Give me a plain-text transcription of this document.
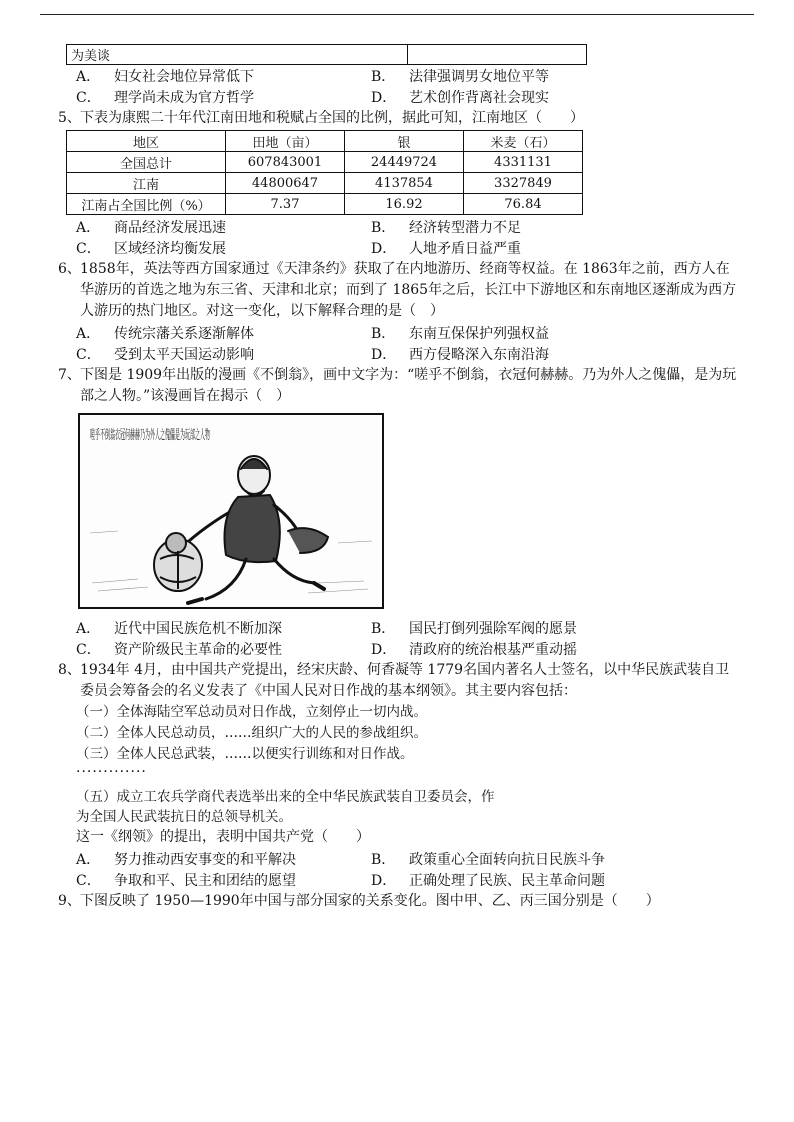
为美谈	
A． 妇女社会地位异常低下	B． 法律强调男女地位平等
C． 理学尚未成为官方哲学	D． 艺术创作背离社会现实
5、 下表为康熙二十年代江南田地和税赋占全国的比例，据此可知，江南地区（　　）
地区	田地（亩）	银	米麦（石）
全国总计	607843001	24449724	4331131
江南	44800647	4137854	3327849
江南占全国比例（%）	7.37	16.92	76.84
A． 商品经济发展迅速	B． 经济转型潜力不足
C． 区域经济均衡发展	D． 人地矛盾日益严重
6、 1858年，英法等西方国家通过《天津条约》获取了在内地游历、经商等权益。在 1863年之前，西方人在华游历的首选之地为东三省、天津和北京；而到了 1865年之后，长江中下游地区和东南地区逐渐成为西方人游历的热门地区。对这一变化，以下解释合理的是（　）
A． 传统宗藩关系逐渐解体	B． 东南互保保护列强权益
C． 受到太平天国运动影响	D． 西方侵略深入东南沿海
7、 下图是 1909年出版的漫画《不倒翁》，画中文字为：“嗟乎不倒翁，衣冠何赫赫。乃为外人之傀儡，是为玩部之人物。”该漫画旨在揭示（　）
A． 近代中国民族危机不断加深	B． 国民打倒列强除军阀的愿景
C． 资产阶级民主革命的必要性	D． 清政府的统治根基严重动摇
8、 1934年 4月，由中国共产党提出，经宋庆龄、何香凝等 1779名国内著名人士签名，以中华民族武装自卫委员会筹备会的名义发表了《中国人民对日作战的基本纲领》。其主要内容包括：
（一）全体海陆空军总动员对日作战，立刻停止一切内战。
（二）全体人民总动员，……组织广大的人民的参战组织。
（三）全体人民总武装，……以便实行训练和对日作战。
·············
（五）成立工农兵学商代表选举出来的全中华民族武装自卫委员会，作
为全国人民武装抗日的总领导机关。
这一《纲领》的提出，表明中国共产党（　　）
A． 努力推动西安事变的和平解决	B． 政策重心全面转向抗日民族斗争
C． 争取和平、民主和团结的愿望	D． 正确处理了民族、民主革命问题
9、 下图反映了 1950—1990年中国与部分国家的关系变化。图中甲、乙、丙三国分别是（　　）
